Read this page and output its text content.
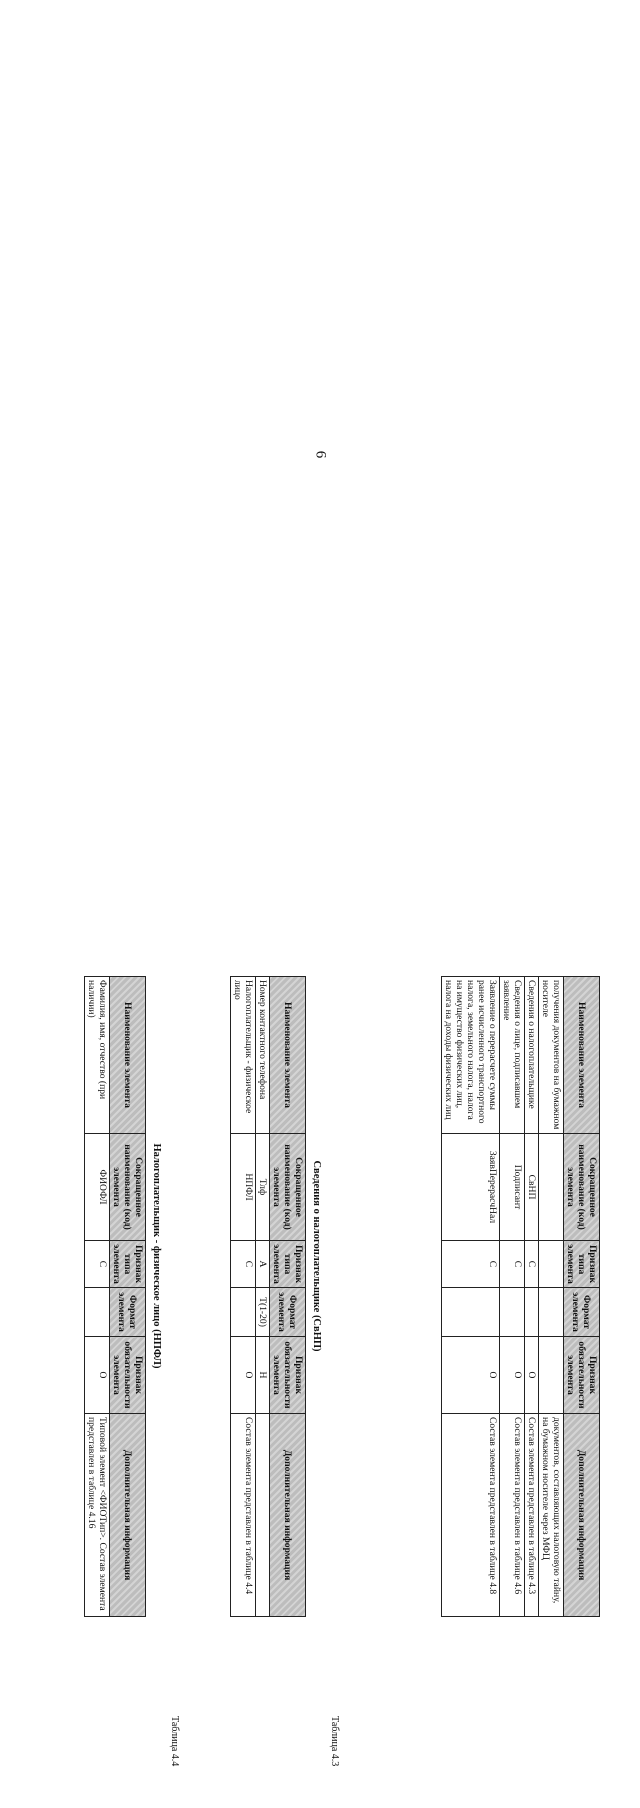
6
Наименование элемента	Сокращенное наименование (код) элемента	Признак типа элемента	Формат элемента	Признак обязательности элемента	Дополнительная информация
получения документов на бумажном носителе					документов, составляющих налоговую тайну, на бумажном носителе через МФЦ
Сведения о налогоплательщике	СвНП	С		О	Состав элемента представлен в таблице 4.3
Сведения о лице, подписавшем заявление	Подписант	С		О	Состав элемента представлен в таблице 4.6
Заявление о перерасчете суммы ранее исчисленного транспортного налога, земельного налога, налога на имущество физических лиц, налога на доходы физических лиц	ЗаявПерерасчНал	С		О	Состав элемента представлен в таблице 4.8
Таблица 4.3
Сведения о налогоплательщике (СвНП)
Наименование элемента	Сокращенное наименование (код) элемента	Признак типа элемента	Формат элемента	Признак обязательности элемента	Дополнительная информация
Номер контактного телефона	Тлф	А	T(1-20)	Н	
Налогоплательщик - физическое лицо	НПФЛ	С		О	Состав элемента представлен в таблице 4.4
Таблица 4.4
Налогоплательщик - физическое лицо (НПФЛ)
Наименование элемента	Сокращенное наименование (код) элемента	Признак типа элемента	Формат элемента	Признак обязательности элемента	Дополнительная информация
Фамилия, имя, отчество (при наличии)	ФИОФЛ	С		О	Типовой элемент <ФИОТип>. Состав элемента представлен в таблице 4.16
